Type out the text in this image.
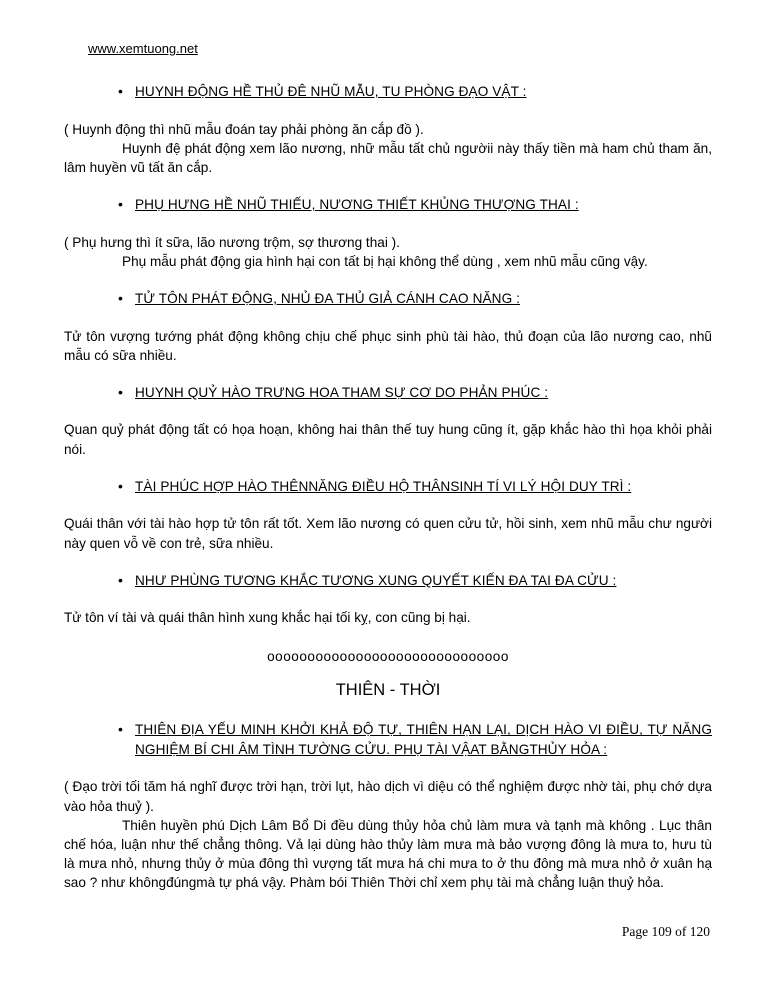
www.xemtuong.net
• HUYNH ĐỘNG HỀ THỦ ĐÊ NHŨ MẪU, TU PHÒNG ĐẠO VẬT :

( Huynh động thì nhũ mẫu đoán tay phải phòng ăn cắp đồ ).

Huynh đệ phát động xem lão nương, nhữ mẫu tất chủ ngườii này thấy tiền mà ham chủ tham ăn, lâm huyền vũ tất ăn cắp.

• PHỤ HƯNG HỀ NHŨ THIẾU, NƯƠNG THIẾT KHỦNG THƯỢNG THAI :

( Phụ hưng thì ít sữa, lão nương trộm, sợ thương thai ).

Phụ mẫu phát động gia hình hại con tất bị hại không thể dùng , xem nhũ mẫu cũng vậy.

• TỬ TÔN PHÁT ĐỘNG, NHỦ ĐA THỦ GIẢ CÁNH CAO NĂNG :

Tử tôn vượng tướng phát động không chịu chế phục sinh phù tài hào, thủ đoạn của lão nương cao, nhũ mẫu có sữa nhiều.

• HUYNH QUỶ HÀO TRƯNG HOA THAM SỰ CƠ DO PHẢN PHÚC :

Quan quỷ phát động tất có họa hoạn, không hai thân thế tuy hung cũng ít, gặp khắc hào thì họa khỏi phải nói.

• TÀI PHÚC HỢP HÀO THÊNNĂNG ĐIỀU HỘ THÂNSINH TÍ VI LÝ HỘI DUY TRÌ :

Quái thân với tài hào hợp tử tôn rất tốt. Xem lão nương có quen cửu tử, hồi sinh, xem nhũ mẫu chư người này quen vỗ về con trẻ, sữa nhiều.

• NHƯ PHÙNG TƯƠNG KHẮC TƯƠNG XUNG QUYẾT KIẾN ĐA TAI ĐA CỬU :

Tử tôn ví tài và quái thân hình xung khắc hại tối kỵ, con cũng bị hại.

oooooooooooooooooooooooooooooo
THIÊN - THỜI
• THIÊN ĐỊA YẾU MINH KHỞI KHẢ ĐỘ TỰ, THIÊN HẠN LẠI, DỊCH HÀO VI ĐIỀU, TỰ NĂNG NGHIỆM BÍ CHI ÂM TÌNH TƯỜNG CỬU. PHỤ TÀI VẬAT BẰNGTHỦY HỎA :

( Đạo trời tối tăm há nghĩ được trời hạn, trời lụt, hào dịch vì diệu có thể nghiệm được nhờ tài, phụ chớ dựa vào hỏa thuỷ ).

Thiên huyền phú Dịch Lâm Bổ Di đều dùng thủy hỏa chủ làm mưa và tạnh mà không . Lục thân chế hóa, luận như thế chẳng thông. Vả lại dùng hào thủy làm mưa mà bảo vượng đông là mưa to, hưu tù là mưa nhỏ, nhưng thủy ở mùa đông thì vượng tất mưa há chi mưa to ở thu đông mà mưa nhỏ ở xuân hạ sao ? như khôngđúngmà tự phá vậy. Phàm bói Thiên Thời chỉ xem phụ tài mà chẳng luận thuỷ hỏa.

Page 109 of 120
